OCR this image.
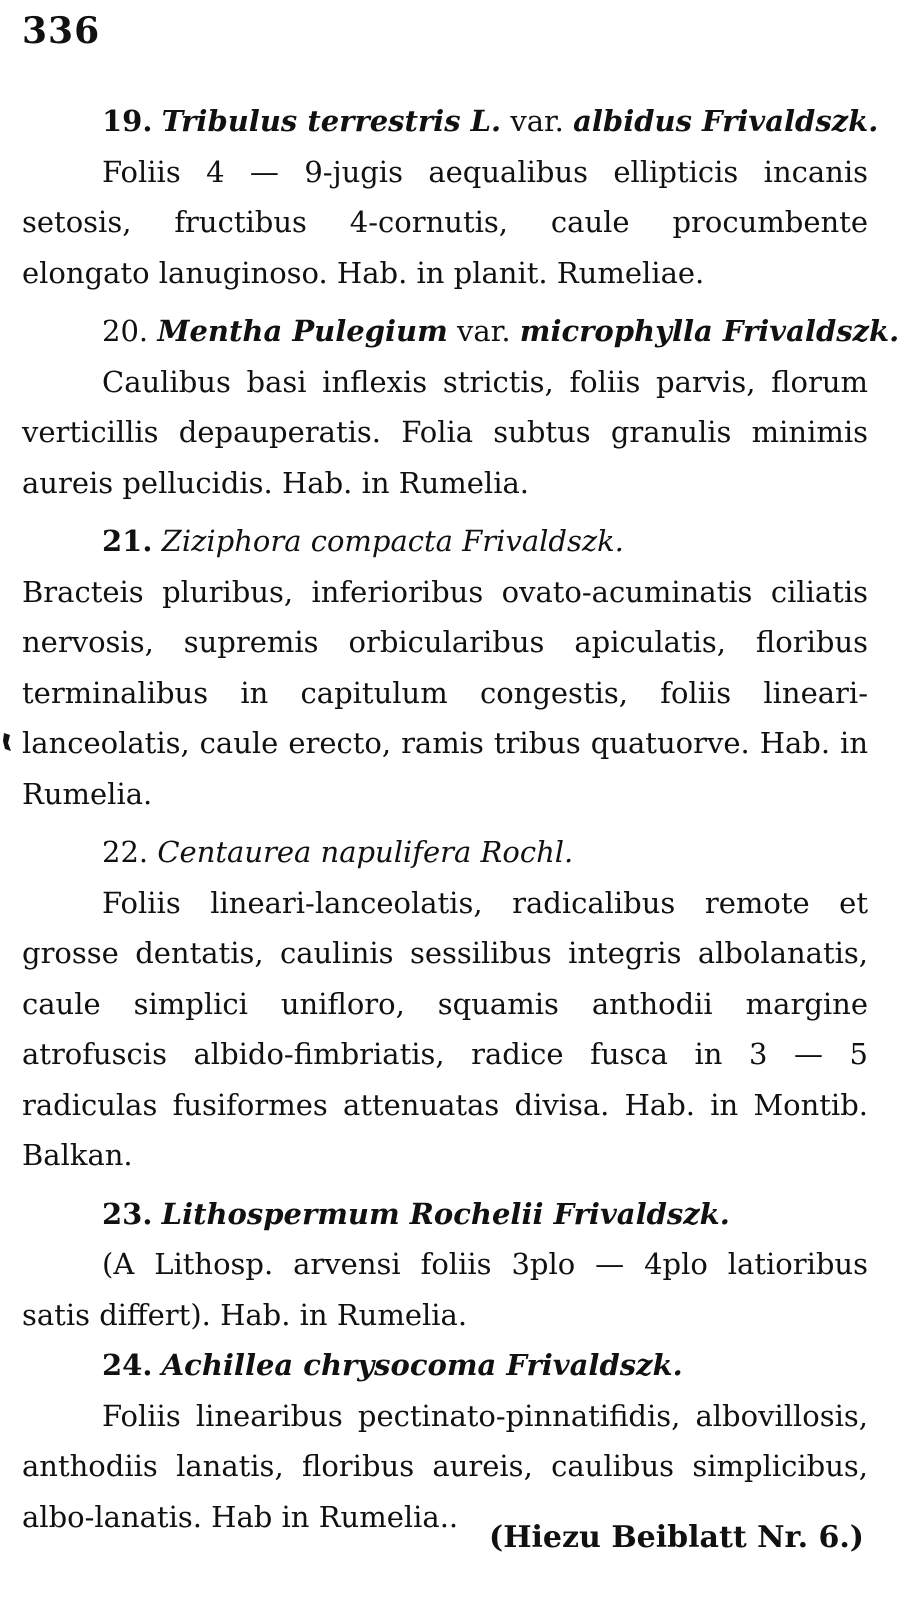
336
19. Tribulus terrestris L. var. albidus Frivaldszk.
Foliis 4 — 9-jugis aequalibus ellipticis incanis setosis, fructibus 4-cornutis, caule procumbente elongato lanuginoso. Hab. in planit. Rumeliae.
20. Mentha Pulegium var. microphylla Frivaldszk.
Caulibus basi inflexis strictis, foliis parvis, florum verticillis depauperatis. Folia subtus granulis minimis aureis pellucidis. Hab. in Rumelia.
21. Ziziphora compacta Frivaldszk.
Bracteis pluribus, inferioribus ovato-acuminatis ciliatis nervosis, supremis orbicularibus apiculatis, floribus terminalibus in capitulum congestis, foliis lineari-lanceolatis, caule erecto, ramis tribus quatuorve. Hab. in Rumelia.
22. Centaurea napulifera Rochl.
Foliis lineari-lanceolatis, radicalibus remote et grosse dentatis, caulinis sessilibus integris albolanatis, caule simplici unifloro, squamis anthodii margine atrofuscis albido-fimbriatis, radice fusca in 3 — 5 radiculas fusiformes attenuatas divisa. Hab. in Montib. Balkan.
23. Lithospermum Rochelii Frivaldszk.
(A Lithosp. arvensi foliis 3plo — 4plo latioribus satis differt). Hab. in Rumelia.
24. Achillea chrysocoma Frivaldszk.
Foliis linearibus pectinato-pinnatifidis, albovillosis, anthodiis lanatis, floribus aureis, caulibus simplicibus, albo-lanatis. Hab in Rumelia..
(Hiezu Beiblatt Nr. 6.)
